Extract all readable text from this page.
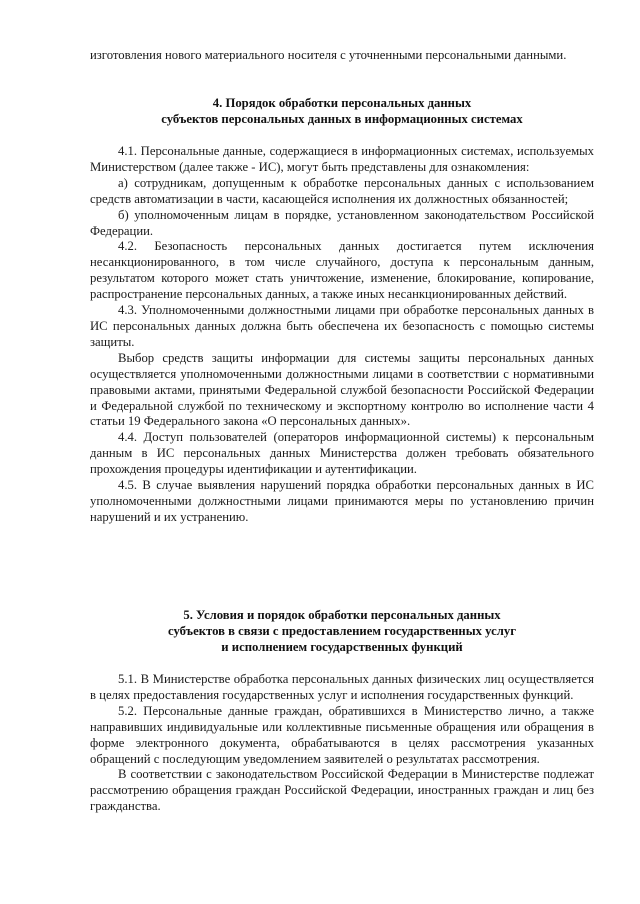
изготовления нового материального носителя с уточненными персональными данными.

4. Порядок обработки персональных данных
субъектов персональных данных в информационных системах

4.1. Персональные данные, содержащиеся в информационных системах, используемых Министерством (далее также - ИС), могут быть представлены для ознакомления:

а) сотрудникам, допущенным к обработке персональных данных с использованием средств автоматизации в части, касающейся исполнения их должностных обязанностей;

б) уполномоченным лицам в порядке, установленном законодательством Российской Федерации.

4.2. Безопасность персональных данных достигается путем исключения несанкционированного, в том числе случайного, доступа к персональным данным, результатом которого может стать уничтожение, изменение, блокирование, копирование, распространение персональных данных, а также иных несанкционированных действий.

4.3. Уполномоченными должностными лицами при обработке персональных данных в ИС персональных данных должна быть обеспечена их безопасность с помощью системы защиты.

Выбор средств защиты информации для системы защиты персональных данных осуществляется уполномоченными должностными лицами в соответствии с нормативными правовыми актами, принятыми Федеральной службой безопасности Российской Федерации и Федеральной службой по техническому и экспортному контролю во исполнение части 4 статьи 19 Федерального закона «О персональных данных».

4.4. Доступ пользователей (операторов информационной системы) к персональным данным в ИС персональных данных Министерства должен требовать обязательного прохождения процедуры идентификации и аутентификации.

4.5. В случае выявления нарушений порядка обработки персональных данных в ИС уполномоченными должностными лицами принимаются меры по установлению причин нарушений и их устранению.

5. Условия и порядок обработки персональных данных
субъектов в связи с предоставлением государственных услуг
и исполнением государственных функций

5.1. В Министерстве обработка персональных данных физических лиц осуществляется в целях предоставления государственных услуг и исполнения государственных функций.

5.2. Персональные данные граждан, обратившихся в Министерство лично, а также направивших индивидуальные или коллективные письменные обращения или обращения в форме электронного документа, обрабатываются в целях рассмотрения указанных обращений с последующим уведомлением заявителей о результатах рассмотрения.

В соответствии с законодательством Российской Федерации в Министерстве подлежат рассмотрению обращения граждан Российской Федерации, иностранных граждан и лиц без гражданства.
